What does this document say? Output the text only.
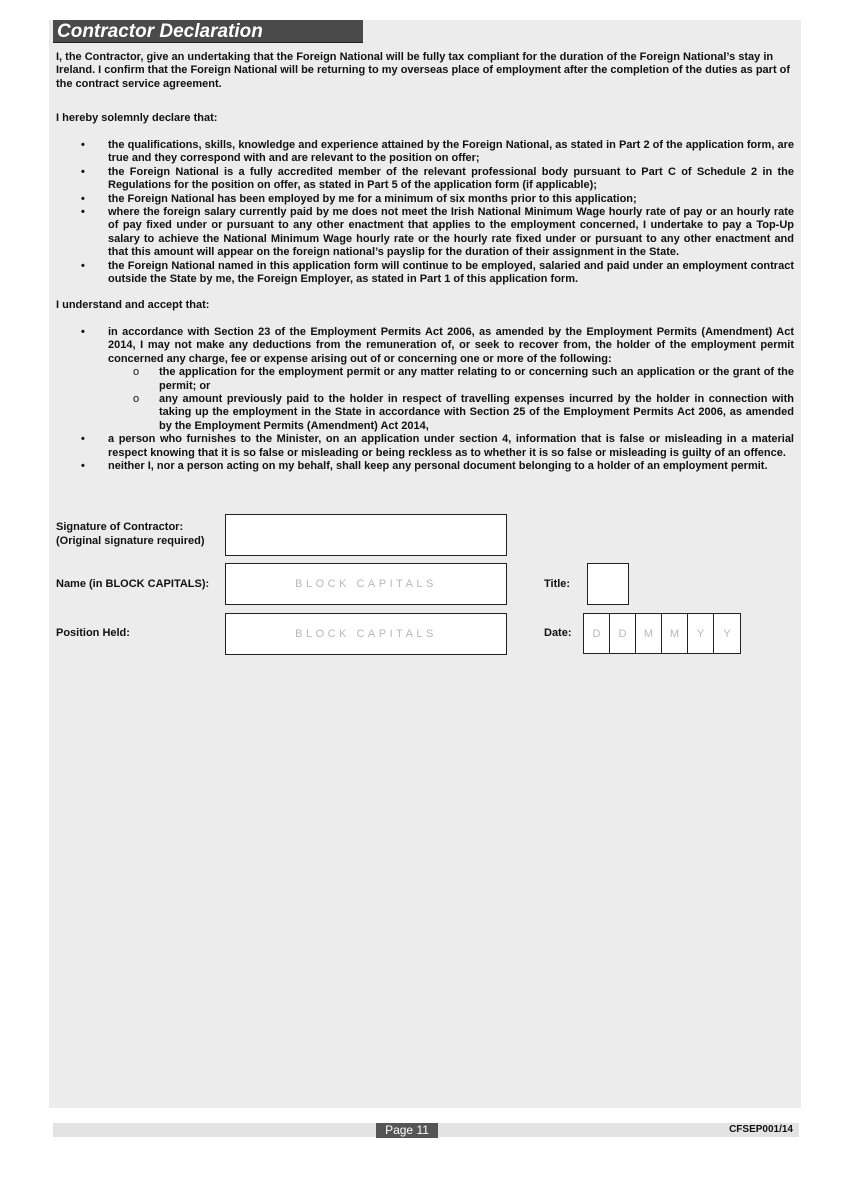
Contractor Declaration
I, the Contractor, give an undertaking that the Foreign National will be fully tax compliant for the duration of the Foreign National’s stay in Ireland. I confirm that the Foreign National will be returning to my overseas place of employment after the completion of the duties as part of the contract service agreement.
I hereby solemnly declare that:
• the qualifications, skills, knowledge and experience attained by the Foreign National, as stated in Part 2 of the application form, are true and they correspond with and are relevant to the position on offer;
• the Foreign National is a fully accredited member of the relevant professional body pursuant to Part C of Schedule 2 in the Regulations for the position on offer, as stated in Part 5 of the application form (if applicable);
• the Foreign National has been employed by me for a minimum of six months prior to this application;
• where the foreign salary currently paid by me does not meet the Irish National Minimum Wage hourly rate of pay or an hourly rate of pay fixed under or pursuant to any other enactment that applies to the employment concerned, I undertake to pay a Top-Up salary to achieve the National Minimum Wage hourly rate or the hourly rate fixed under or pursuant to any other enactment and that this amount will appear on the foreign national’s payslip for the duration of their assignment in the State.
• the Foreign National named in this application form will continue to be employed, salaried and paid under an employment contract outside the State by me, the Foreign Employer, as stated in Part 1 of this application form.
I understand and accept that:
• in accordance with Section 23 of the Employment Permits Act 2006, as amended by the Employment Permits (Amendment) Act 2014, I may not make any deductions from the remuneration of, or seek to recover from, the holder of the employment permit concerned any charge, fee or expense arising out of or concerning one or more of the following:
o the application for the employment permit or any matter relating to or concerning such an application or the grant of the permit; or
o any amount previously paid to the holder in respect of travelling expenses incurred by the holder in connection with taking up the employment in the State in accordance with Section 25 of the Employment Permits Act 2006, as amended by the Employment Permits (Amendment) Act 2014,
• a person who furnishes to the Minister, on an application under section 4, information that is false or misleading in a material respect knowing that it is so false or misleading or being reckless as to whether it is so false or misleading is guilty of an offence.
• neither I, nor a person acting on my behalf, shall keep any personal document belonging to a holder of an employment permit.
Signature of Contractor:
(Original signature required)
Name (in BLOCK CAPITALS):	BLOCK CAPITALS	Title:
Position Held:	BLOCK CAPITALS	Date:	D	D	M	M	Y	Y
Page 11	CFSEP001/14
